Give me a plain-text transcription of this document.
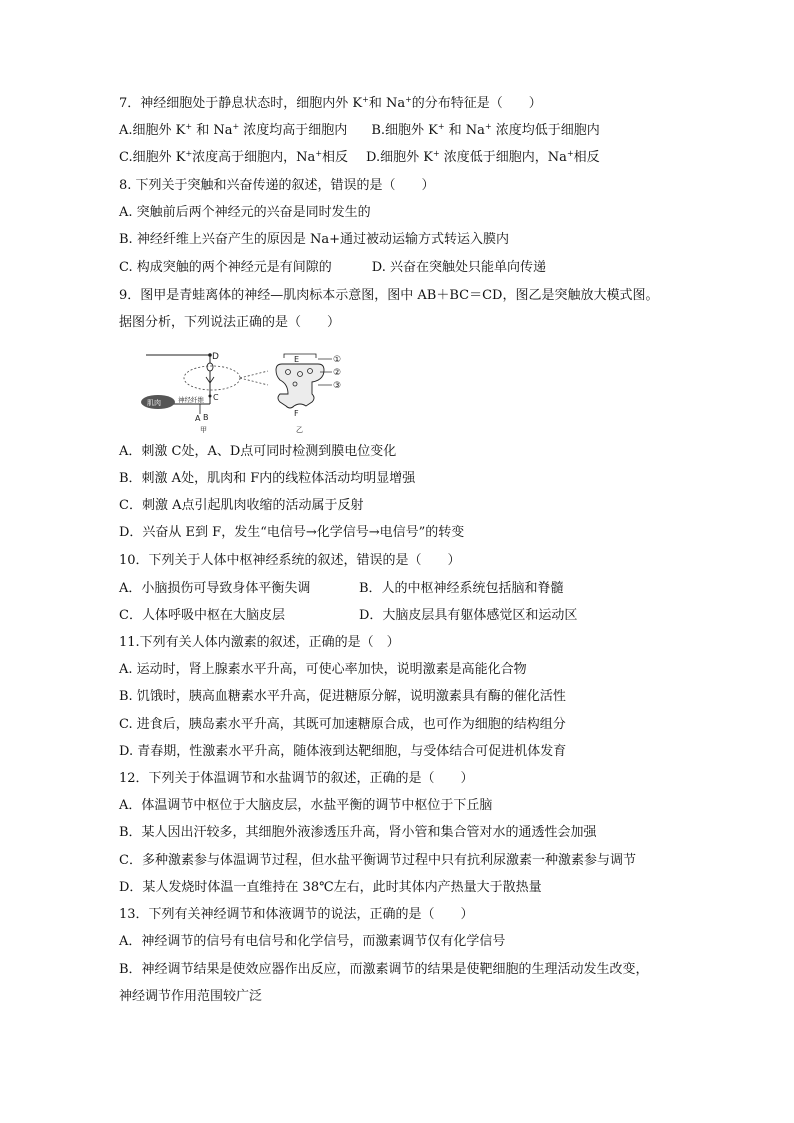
7．神经细胞处于静息状态时，细胞内外 K+和 Na+的分布特征是（　　）
A.细胞外 K+ 和 Na+ 浓度均高于细胞内 B.细胞外 K+ 和 Na+ 浓度均低于细胞内
C.细胞外 K+浓度高于细胞内，Na+相反 D.细胞外 K+ 浓度低于细胞内，Na+相反
8. 下列关于突触和兴奋传递的叙述，错误的是（　　）
A. 突触前后两个神经元的兴奋是同时发生的
B. 神经纤维上兴奋产生的原因是 Na+通过被动运输方式转运入膜内
C. 构成突触的两个神经元是有间隙的	D. 兴奋在突触处只能单向传递
9．图甲是青蛙离体的神经—肌肉标本示意图，图中 AB＋BC＝CD，图乙是突触放大模式图。
据图分析，下列说法正确的是（　　）
D
C
肌肉	神经纤维
A B
甲
E
F
乙
①
②
③
A．刺激 C处，A、D点可同时检测到膜电位变化
B．刺激 A处，肌肉和 F内的线粒体活动均明显增强
C．刺激 A点引起肌肉收缩的活动属于反射
D．兴奋从 E到 F，发生“电信号→化学信号→电信号”的转变
10．下列关于人体中枢神经系统的叙述，错误的是（　　）
A．小脑损伤可导致身体平衡失调	B．人的中枢神经系统包括脑和脊髓
C．人体呼吸中枢在大脑皮层	D．大脑皮层具有躯体感觉区和运动区
11.下列有关人体内激素的叙述，正确的是（　）
A. 运动时，肾上腺素水平升高，可使心率加快，说明激素是高能化合物
B. 饥饿时，胰高血糖素水平升高，促进糖原分解，说明激素具有酶的催化活性
C. 进食后，胰岛素水平升高，其既可加速糖原合成，也可作为细胞的结构组分
D. 青春期，性激素水平升高，随体液到达靶细胞，与受体结合可促进机体发育
12．下列关于体温调节和水盐调节的叙述，正确的是（　　）
A．体温调节中枢位于大脑皮层，水盐平衡的调节中枢位于下丘脑
B．某人因出汗较多，其细胞外液渗透压升高，肾小管和集合管对水的通透性会加强
C．多种激素参与体温调节过程，但水盐平衡调节过程中只有抗利尿激素一种激素参与调节
D．某人发烧时体温一直维持在 38℃左右，此时其体内产热量大于散热量
13．下列有关神经调节和体液调节的说法，正确的是（　　）
A．神经调节的信号有电信号和化学信号，而激素调节仅有化学信号
B．神经调节结果是使效应器作出反应，而激素调节的结果是使靶细胞的生理活动发生改变，
神经调节作用范围较广泛
